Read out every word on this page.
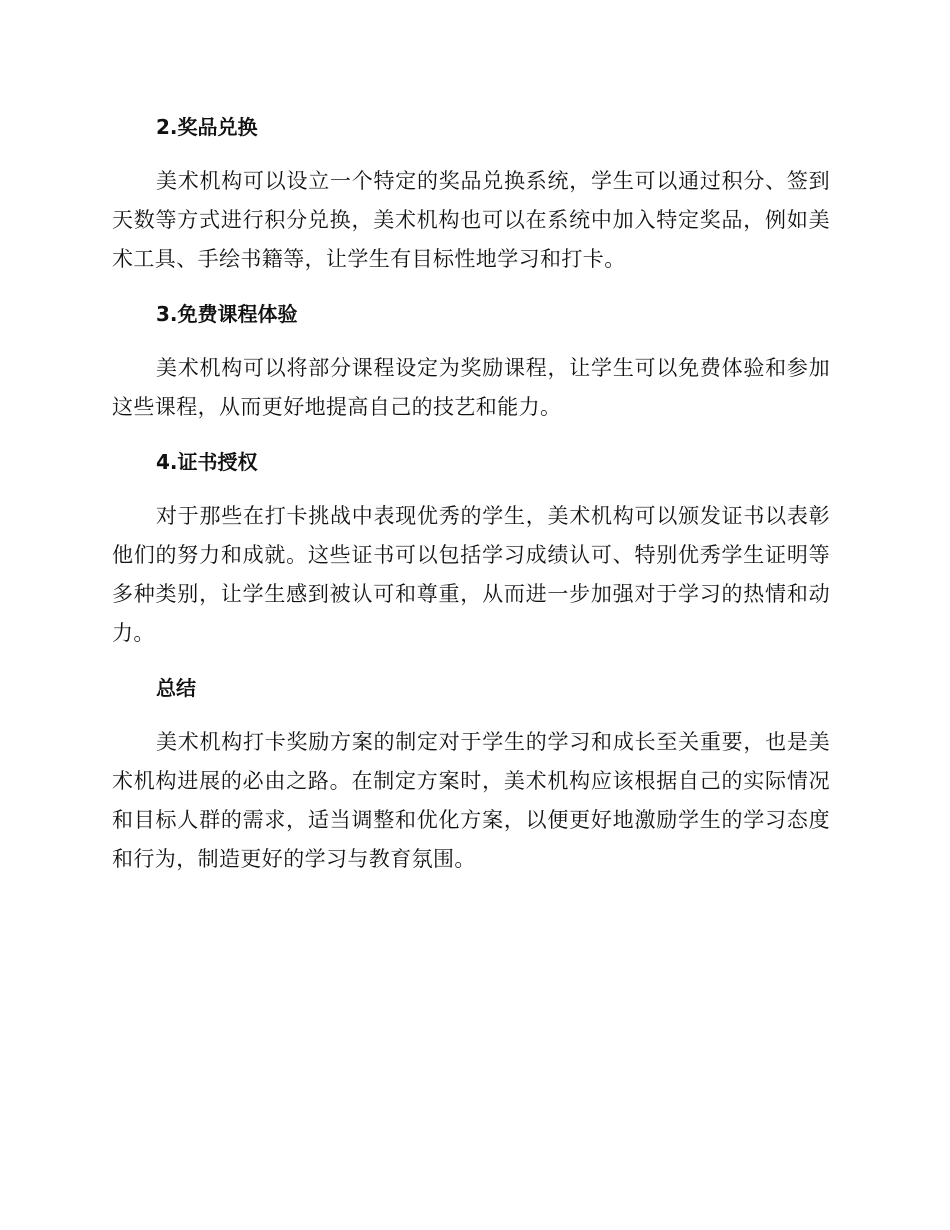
2.奖品兑换

美术机构可以设立一个特定的奖品兑换系统，学生可以通过积分、签到天数等方式进行积分兑换，美术机构也可以在系统中加入特定奖品，例如美术工具、手绘书籍等，让学生有目标性地学习和打卡。

3.免费课程体验

美术机构可以将部分课程设定为奖励课程，让学生可以免费体验和参加这些课程，从而更好地提高自己的技艺和能力。

4.证书授权

对于那些在打卡挑战中表现优秀的学生，美术机构可以颁发证书以表彰他们的努力和成就。这些证书可以包括学习成绩认可、特别优秀学生证明等多种类别，让学生感到被认可和尊重，从而进一步加强对于学习的热情和动力。

总结

美术机构打卡奖励方案的制定对于学生的学习和成长至关重要，也是美术机构进展的必由之路。在制定方案时，美术机构应该根据自己的实际情况和目标人群的需求，适当调整和优化方案，以便更好地激励学生的学习态度和行为，制造更好的学习与教育氛围。
